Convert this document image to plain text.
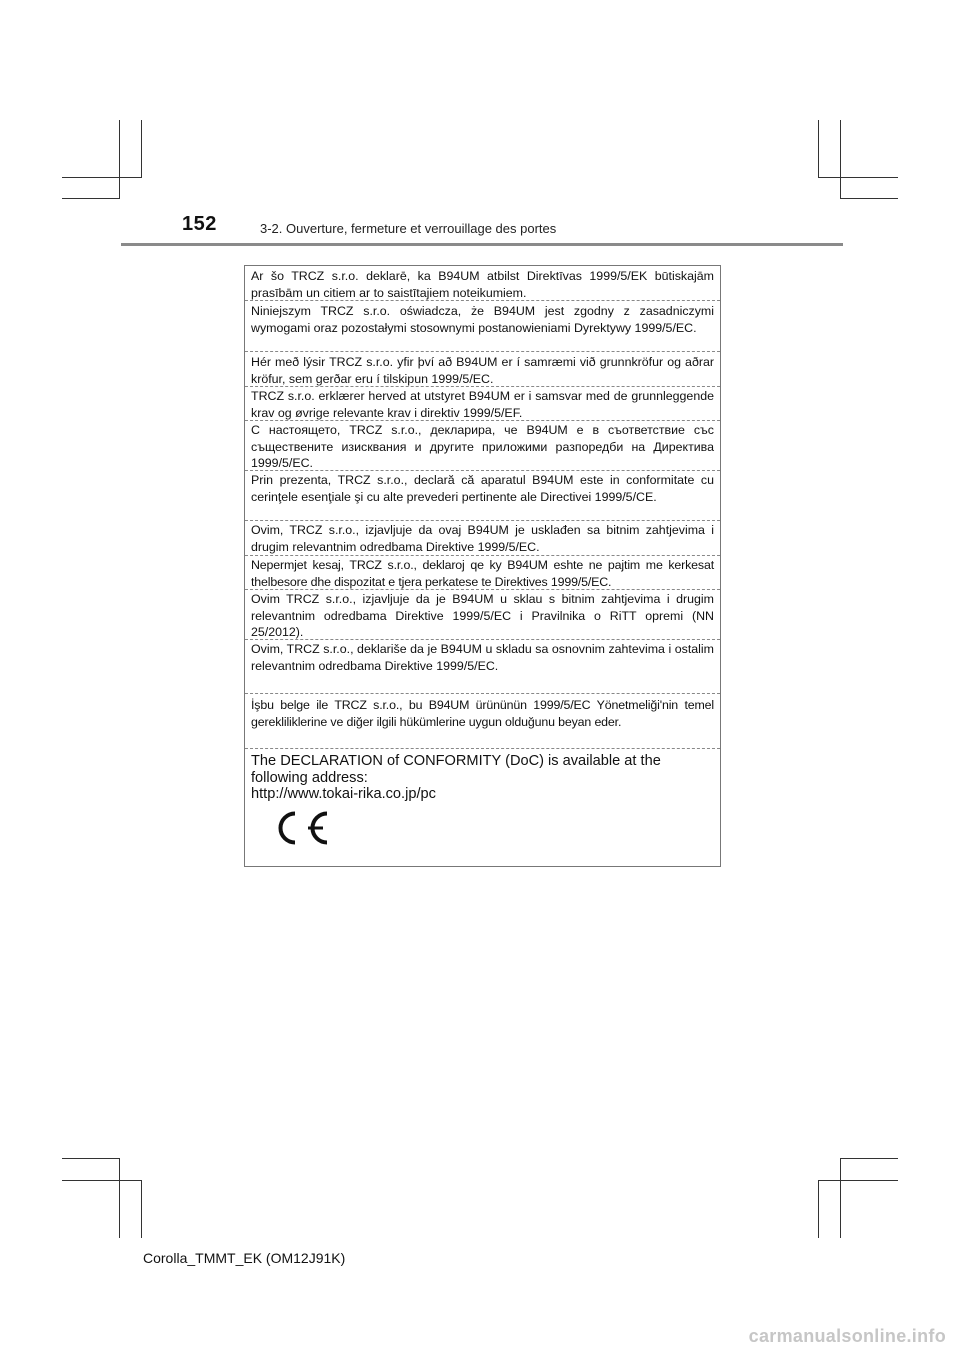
152	3-2. Ouverture, fermeture et verrouillage des portes
Ar šo TRCZ s.r.o. deklarē, ka B94UM atbilst Direktīvas 1999/5/EK būtiskajām prasībām un citiem ar to saistītajiem noteikumiem.
Niniejszym TRCZ s.r.o. oświadcza, że B94UM jest zgodny z zasadniczymi wymogami oraz pozostałymi stosownymi postanowieniami Dyrektywy 1999/5/EC.
Hér með lýsir TRCZ s.r.o. yfir því að B94UM er í samræmi við grunnkröfur og aðrar kröfur, sem gerðar eru í tilskipun 1999/5/EC.
TRCZ s.r.o. erklærer herved at utstyret B94UM er i samsvar med de grunnleggende krav og øvrige relevante krav i direktiv 1999/5/EF.
С настоящето, TRCZ s.r.o., декларира, че B94UM е в съответствие със съществените изисквания и другите приложими разпоредби на Директива 1999/5/ЕС.
Prin prezenta, TRCZ s.r.o., declară că aparatul B94UM este in conformitate cu cerinţele esenţiale şi cu alte prevederi pertinente ale Directivei 1999/5/CE.
Ovim, TRCZ s.r.o., izjavljuje da ovaj B94UM je usklađen sa bitnim zahtjevima i drugim relevantnim odredbama Direktive 1999/5/EC.
Nepermjet kesaj, TRCZ s.r.o., deklaroj qe ky B94UM eshte ne pajtim me kerkesat thelbesore dhe dispozitat e tjera perkatese te Direktives 1999/5/EC.
Ovim TRCZ s.r.o., izjavljuje da je B94UM u sklau s bitnim zahtjevima i drugim relevantnim odredbama Direktive 1999/5/EC i Pravilnika o RiTT opremi (NN 25/2012).
Ovim, TRCZ s.r.o., deklariše da je B94UM u skladu sa osnovnim zahtevima i ostalim relevantnim odredbama Direktive 1999/5/EC.
İşbu belge ile TRCZ s.r.o., bu B94UM ürününün 1999/5/EC Yönetmeliği'nin temel gerekliliklerine ve diğer ilgili hükümlerine uygun olduğunu beyan eder.
The DECLARATION of CONFORMITY (DoC) is available at the
following address:
http://www.tokai-rika.co.jp/pc
Corolla_TMMT_EK (OM12J91K)
carmanualsonline.info
